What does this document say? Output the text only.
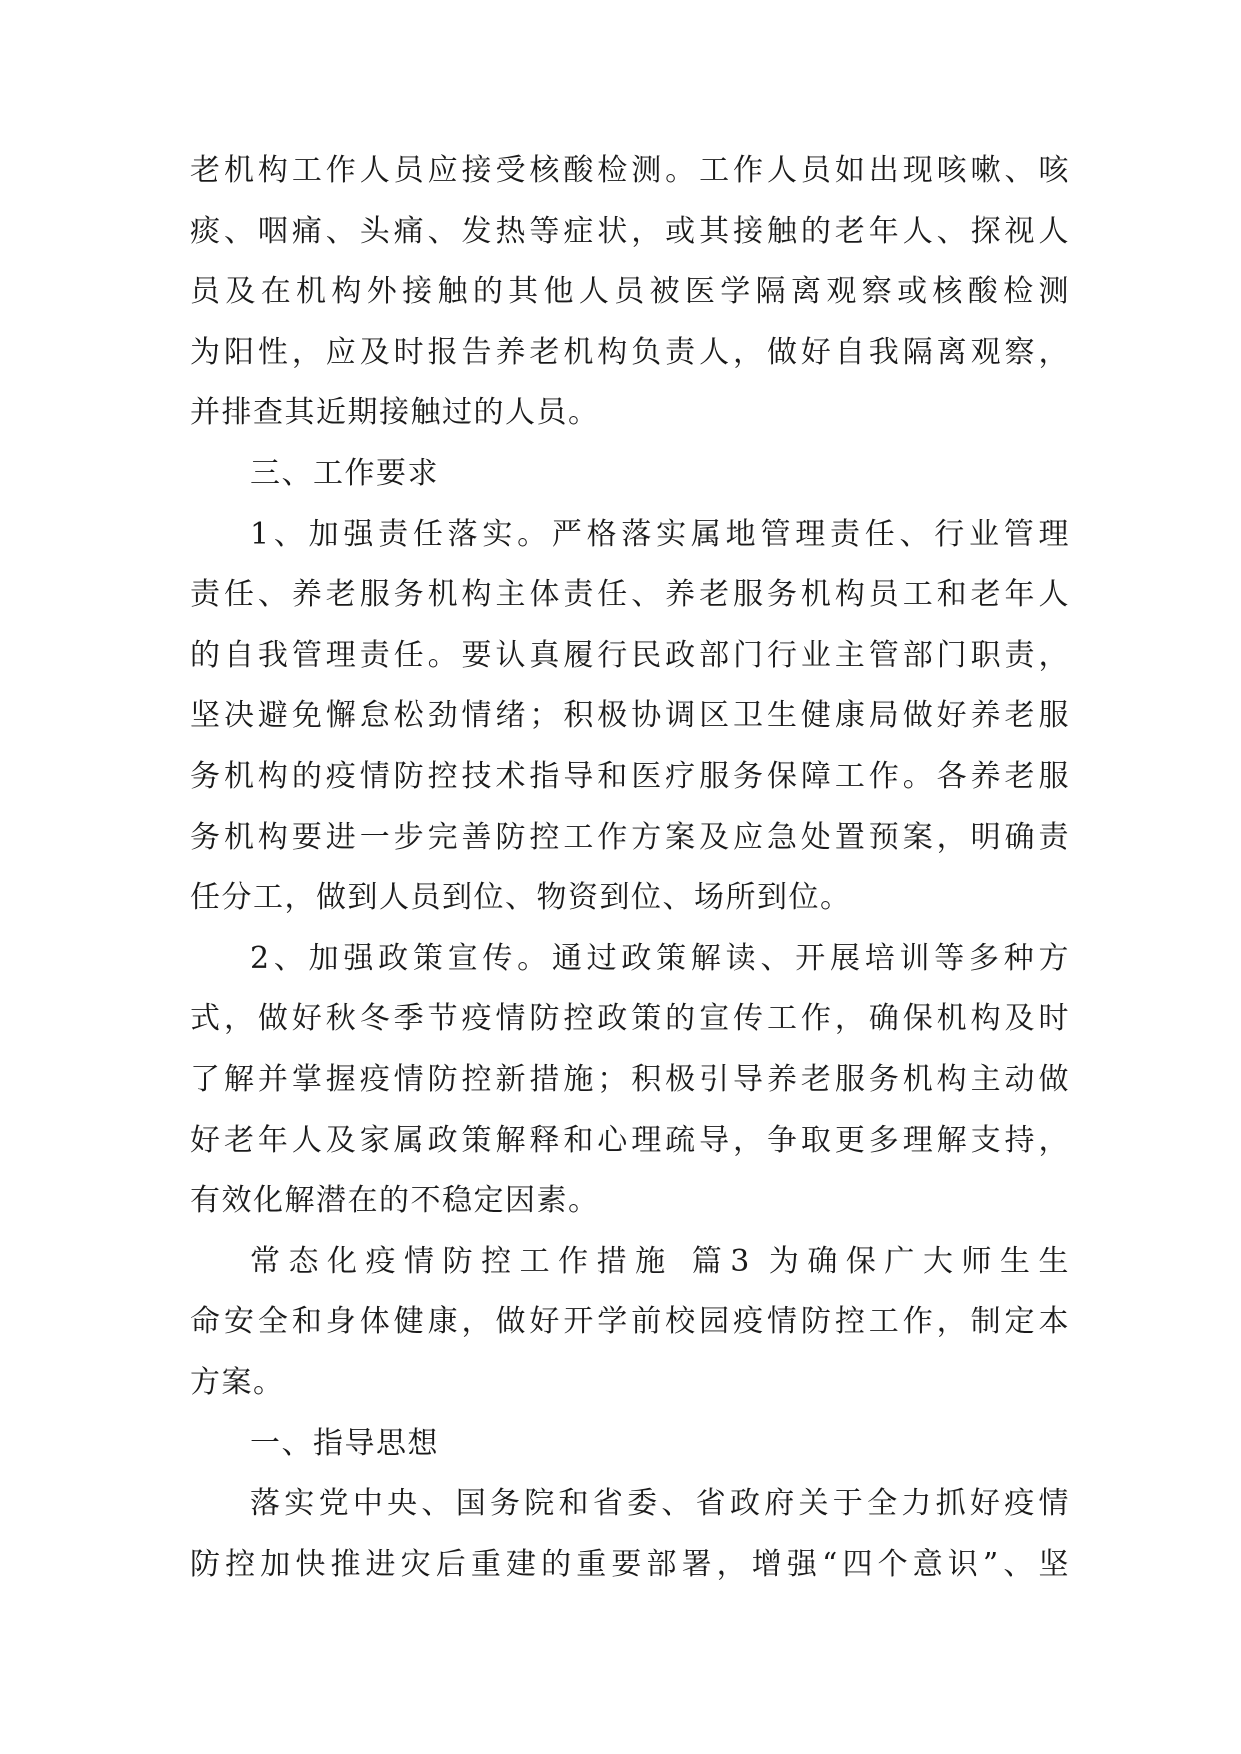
老机构工作人员应接受核酸检测。工作人员如出现咳嗽、咳
痰、咽痛、头痛、发热等症状，或其接触的老年人、探视人
员及在机构外接触的其他人员被医学隔离观察或核酸检测
为阳性，应及时报告养老机构负责人，做好自我隔离观察，
并排查其近期接触过的人员。
三、工作要求
1、加强责任落实。严格落实属地管理责任、行业管理
责任、养老服务机构主体责任、养老服务机构员工和老年人
的自我管理责任。要认真履行民政部门行业主管部门职责，
坚决避免懈怠松劲情绪；积极协调区卫生健康局做好养老服
务机构的疫情防控技术指导和医疗服务保障工作。各养老服
务机构要进一步完善防控工作方案及应急处置预案，明确责
任分工，做到人员到位、物资到位、场所到位。
2、加强政策宣传。通过政策解读、开展培训等多种方
式，做好秋冬季节疫情防控政策的宣传工作，确保机构及时
了解并掌握疫情防控新措施；积极引导养老服务机构主动做
好老年人及家属政策解释和心理疏导，争取更多理解支持，
有效化解潜在的不稳定因素。
常态化疫情防控工作措施 篇3 为确保广大师生生
命安全和身体健康，做好开学前校园疫情防控工作，制定本
方案。
一、指导思想
落实党中央、国务院和省委、省政府关于全力抓好疫情
防控加快推进灾后重建的重要部署，增强“四个意识”、坚
